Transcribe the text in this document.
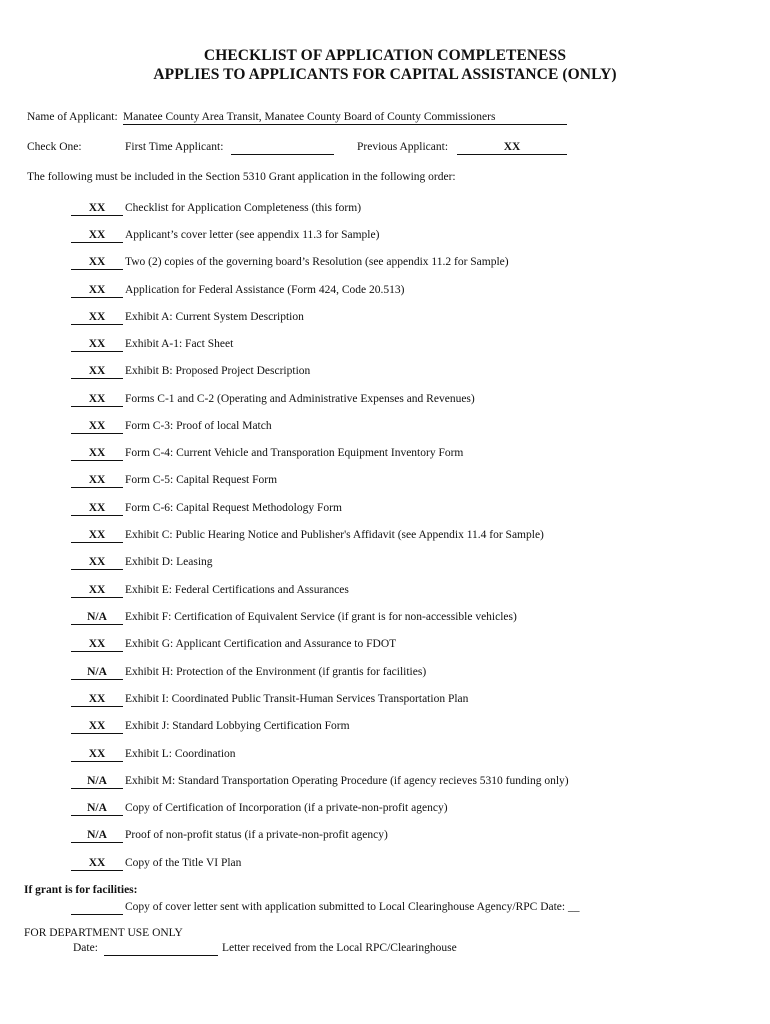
CHECKLIST OF APPLICATION COMPLETENESS
APPLIES TO APPLICANTS FOR CAPITAL ASSISTANCE (ONLY)
Name of Applicant: Manatee County Area Transit, Manatee County Board of County Commissioners
Check One:	First Time Applicant:	Previous Applicant:	XX
The following must be included in the Section 5310 Grant application in the following order:
XX	Checklist for Application Completeness (this form)
XX	Applicant’s cover letter (see appendix 11.3 for Sample)
XX	Two (2) copies of the governing board’s Resolution (see appendix 11.2 for Sample)
XX	Application for Federal Assistance (Form 424, Code 20.513)
XX	Exhibit A: Current System Description
XX	Exhibit A-1: Fact Sheet
XX	Exhibit B: Proposed Project Description
XX	Forms C-1 and C-2 (Operating and Administrative Expenses and Revenues)
XX	Form C-3: Proof of local Match
XX	Form C-4: Current Vehicle and Transporation Equipment Inventory Form
XX	Form C-5: Capital Request Form
XX	Form C-6: Capital Request Methodology Form
XX	Exhibit C: Public Hearing Notice and Publisher's Affidavit (see Appendix 11.4 for Sample)
XX	Exhibit D: Leasing
XX	Exhibit E: Federal Certifications and Assurances
N/A	Exhibit F: Certification of Equivalent Service (if grant is for non-accessible vehicles)
XX	Exhibit G: Applicant Certification and Assurance to FDOT
N/A	Exhibit H: Protection of the Environment (if grantis for facilities)
XX	Exhibit I: Coordinated Public Transit-Human Services Transportation Plan
XX	Exhibit J: Standard Lobbying Certification Form
XX	Exhibit L: Coordination
N/A	Exhibit M: Standard Transportation Operating Procedure (if agency recieves 5310 funding only)
N/A	Copy of Certification of Incorporation (if a private-non-profit agency)
N/A	Proof of non-profit status (if a private-non-profit agency)
XX	Copy of the Title VI Plan
If grant is for facilities:
Copy of cover letter sent with application submitted to Local Clearinghouse Agency/RPC Date: __
FOR DEPARTMENT USE ONLY
Date:	Letter received from the Local RPC/Clearinghouse
